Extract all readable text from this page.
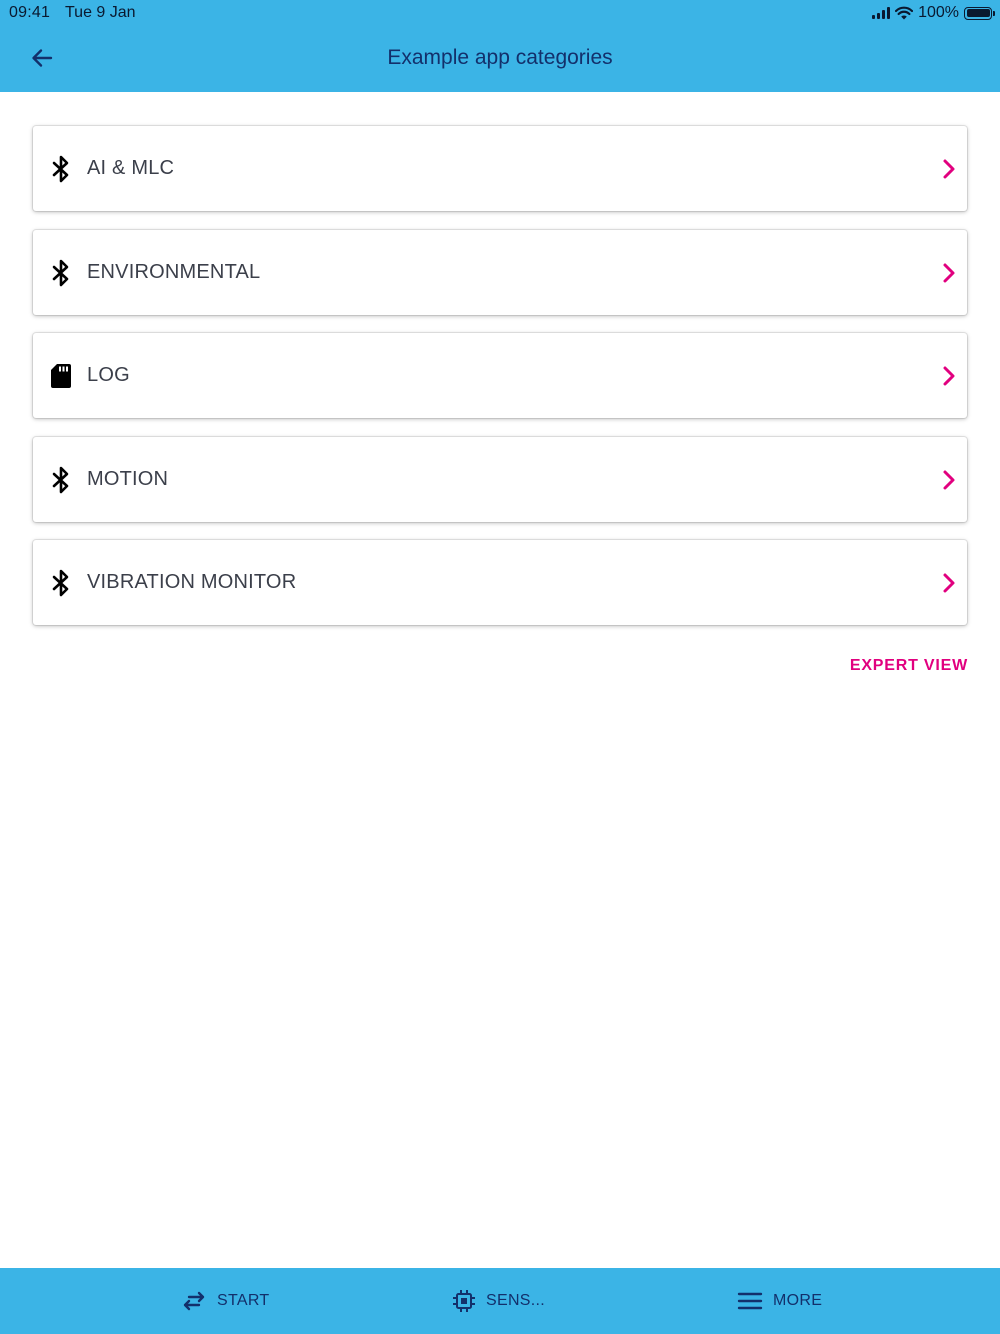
09:41 Tue 9 Jan	100%
Example app categories
AI & MLC
ENVIRONMENTAL
LOG
MOTION
VIBRATION MONITOR
EXPERT VIEW
START	SENS...	MORE
